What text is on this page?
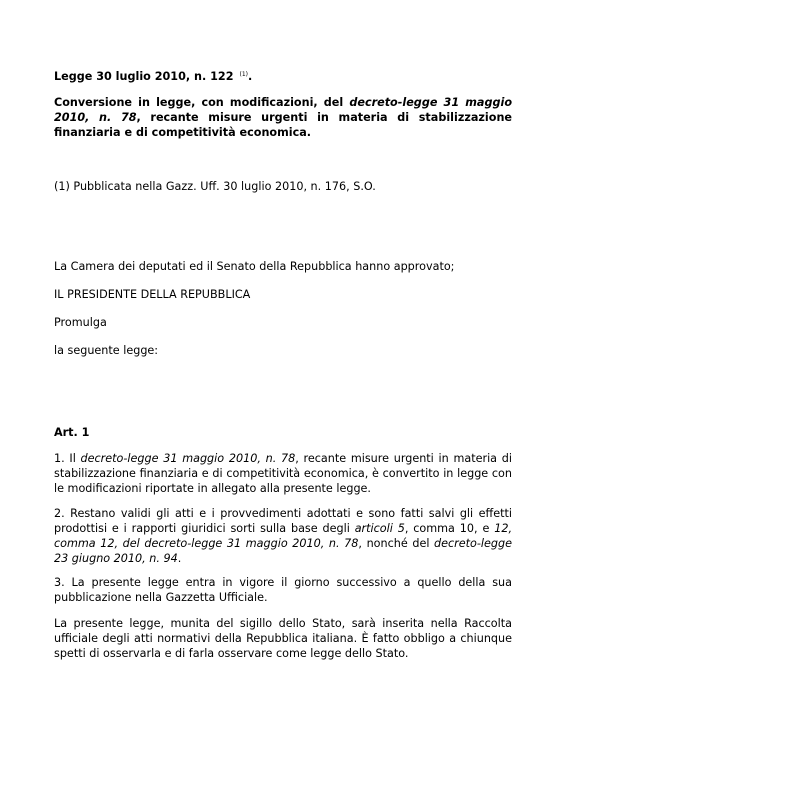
Legge 30 luglio 2010, n. 122 $^{(1)}$.
Conversione in legge, con modificazioni, del decreto-legge 31 maggio 2010, n. 78, recante misure urgenti in materia di stabilizzazione finanziaria e di competitività economica.
(1) Pubblicata nella Gazz. Uff. 30 luglio 2010, n. 176, S.O.
La Camera dei deputati ed il Senato della Repubblica hanno approvato;
IL PRESIDENTE DELLA REPUBBLICA
Promulga
la seguente legge:
Art. 1
1. Il decreto-legge 31 maggio 2010, n. 78, recante misure urgenti in materia di stabilizzazione finanziaria e di competitività economica, è convertito in legge con le modificazioni riportate in allegato alla presente legge.
2. Restano validi gli atti e i provvedimenti adottati e sono fatti salvi gli effetti prodottisi e i rapporti giuridici sorti sulla base degli articoli 5, comma 10, e 12, comma 12, del decreto-legge 31 maggio 2010, n. 78, nonché del decreto-legge 23 giugno 2010, n. 94.
3. La presente legge entra in vigore il giorno successivo a quello della sua pubblicazione nella Gazzetta Ufficiale.
La presente legge, munita del sigillo dello Stato, sarà inserita nella Raccolta ufficiale degli atti normativi della Repubblica italiana. È fatto obbligo a chiunque spetti di osservarla e di farla osservare come legge dello Stato.
